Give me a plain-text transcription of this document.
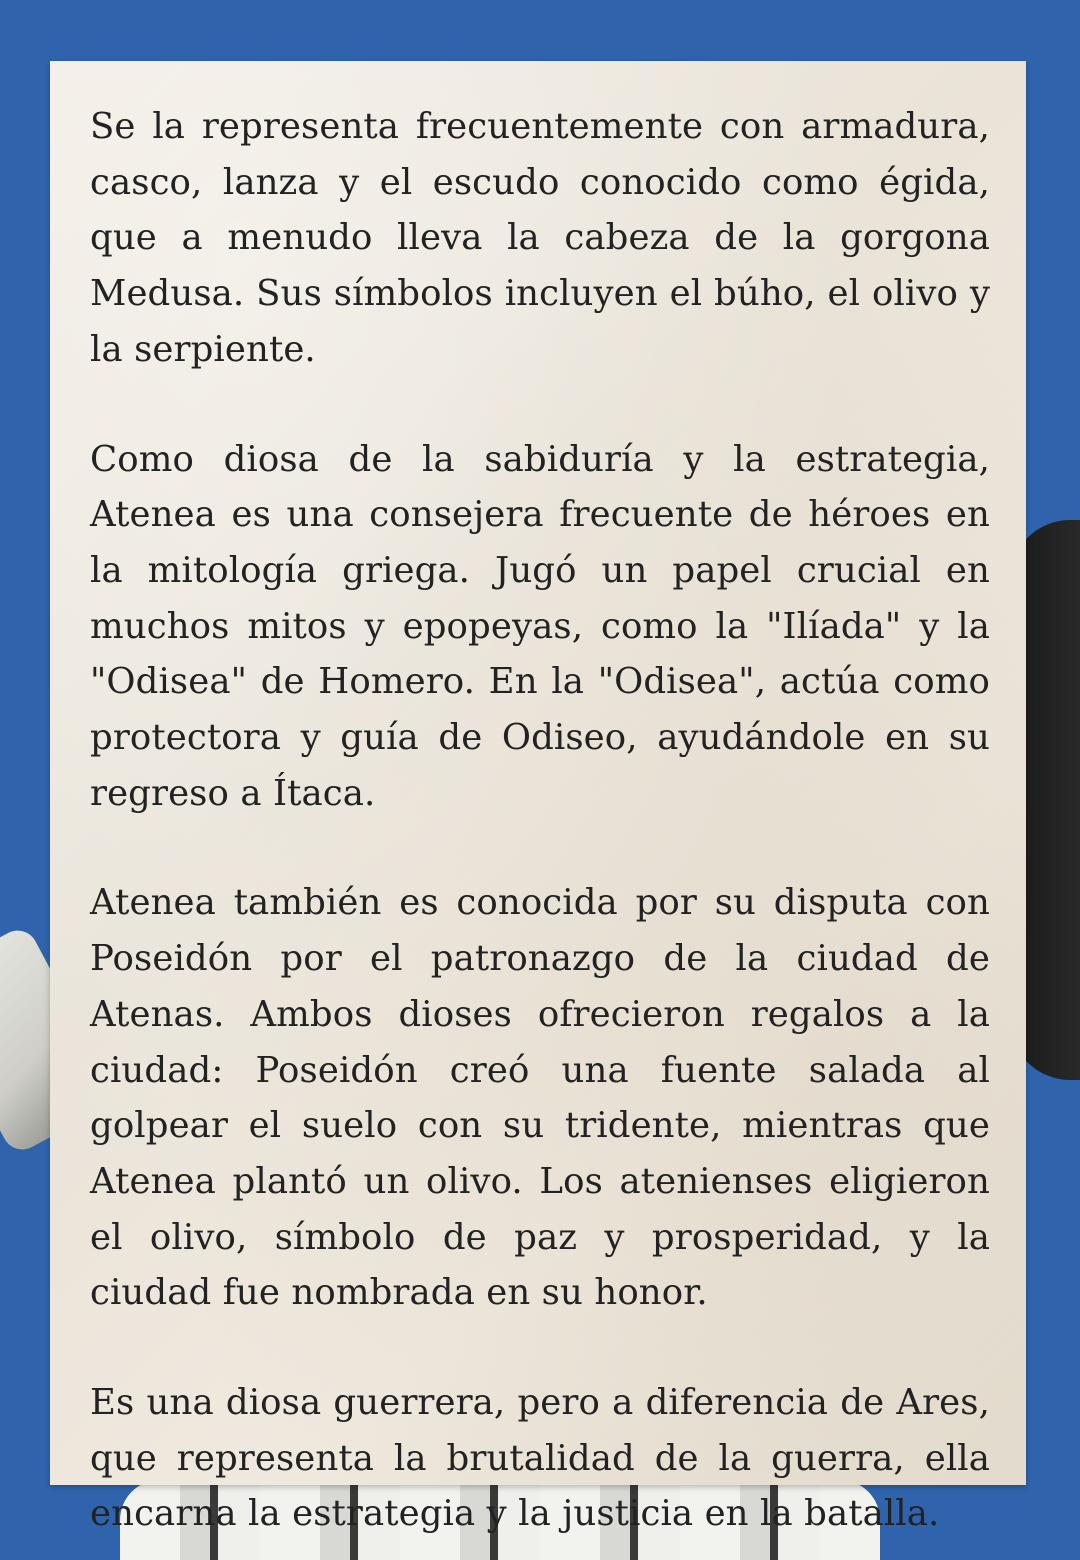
Se la representa frecuentemente con armadura, casco, lanza y el escudo conocido como égida, que a menudo lleva la cabeza de la gorgona Medusa. Sus símbolos incluyen el búho, el olivo y la serpiente.

Como diosa de la sabiduría y la estrategia, Atenea es una consejera frecuente de héroes en la mitología griega. Jugó un papel crucial en muchos mitos y epopeyas, como la "Ilíada" y la "Odisea" de Homero. En la "Odisea", actúa como protectora y guía de Odiseo, ayudándole en su regreso a Ítaca.

Atenea también es conocida por su disputa con Poseidón por el patronazgo de la ciudad de Atenas. Ambos dioses ofrecieron regalos a la ciudad: Poseidón creó una fuente salada al golpear el suelo con su tridente, mientras que Atenea plantó un olivo. Los atenienses eligieron el olivo, símbolo de paz y prosperidad, y la ciudad fue nombrada en su honor.

Es una diosa guerrera, pero a diferencia de Ares, que representa la brutalidad de la guerra, ella encarna la estrategia y la justicia en la batalla.
